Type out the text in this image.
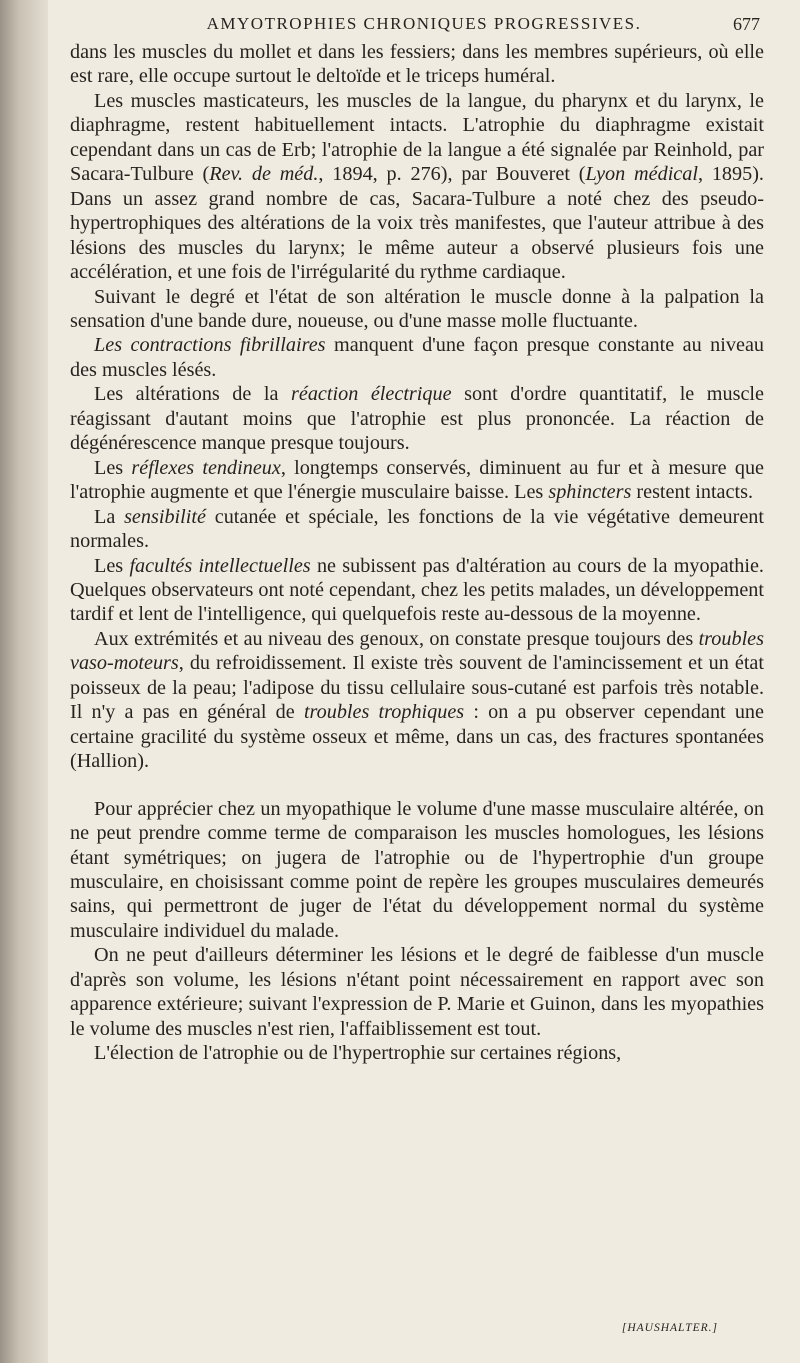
AMYOTROPHIES CHRONIQUES PROGRESSIVES.	677

dans les muscles du mollet et dans les fessiers; dans les membres supérieurs, où elle est rare, elle occupe surtout le deltoïde et le triceps huméral.

Les muscles masticateurs, les muscles de la langue, du pharynx et du larynx, le diaphragme, restent habituellement intacts. L'atrophie du diaphragme existait cependant dans un cas de Erb; l'atrophie de la langue a été signalée par Reinhold, par Sacara-Tulbure (Rev. de méd., 1894, p. 276), par Bouveret (Lyon médical, 1895). Dans un assez grand nombre de cas, Sacara-Tulbure a noté chez des pseudo-hypertrophiques des altérations de la voix très manifestes, que l'auteur attribue à des lésions des muscles du larynx; le même auteur a observé plusieurs fois une accélération, et une fois de l'irrégularité du rythme cardiaque.

Suivant le degré et l'état de son altération le muscle donne à la palpation la sensation d'une bande dure, noueuse, ou d'une masse molle fluctuante.

Les contractions fibrillaires manquent d'une façon presque constante au niveau des muscles lésés.

Les altérations de la réaction électrique sont d'ordre quantitatif, le muscle réagissant d'autant moins que l'atrophie est plus prononcée. La réaction de dégénérescence manque presque toujours.

Les réflexes tendineux, longtemps conservés, diminuent au fur et à mesure que l'atrophie augmente et que l'énergie musculaire baisse. Les sphincters restent intacts.

La sensibilité cutanée et spéciale, les fonctions de la vie végétative demeurent normales.

Les facultés intellectuelles ne subissent pas d'altération au cours de la myopathie. Quelques observateurs ont noté cependant, chez les petits malades, un développement tardif et lent de l'intelligence, qui quelquefois reste au-dessous de la moyenne.

Aux extrémités et au niveau des genoux, on constate presque toujours des troubles vaso-moteurs, du refroidissement. Il existe très souvent de l'amincissement et un état poisseux de la peau; l'adipose du tissu cellulaire sous-cutané est parfois très notable. Il n'y a pas en général de troubles trophiques : on a pu observer cependant une certaine gracilité du système osseux et même, dans un cas, des fractures spontanées (Hallion).

Pour apprécier chez un myopathique le volume d'une masse musculaire altérée, on ne peut prendre comme terme de comparaison les muscles homologues, les lésions étant symétriques; on jugera de l'atrophie ou de l'hypertrophie d'un groupe musculaire, en choisissant comme point de repère les groupes musculaires demeurés sains, qui permettront de juger de l'état du développement normal du système musculaire individuel du malade.

On ne peut d'ailleurs déterminer les lésions et le degré de faiblesse d'un muscle d'après son volume, les lésions n'étant point nécessairement en rapport avec son apparence extérieure; suivant l'expression de P. Marie et Guinon, dans les myopathies le volume des muscles n'est rien, l'affaiblissement est tout.

L'élection de l'atrophie ou de l'hypertrophie sur certaines régions,

[HAUSHALTER.]
